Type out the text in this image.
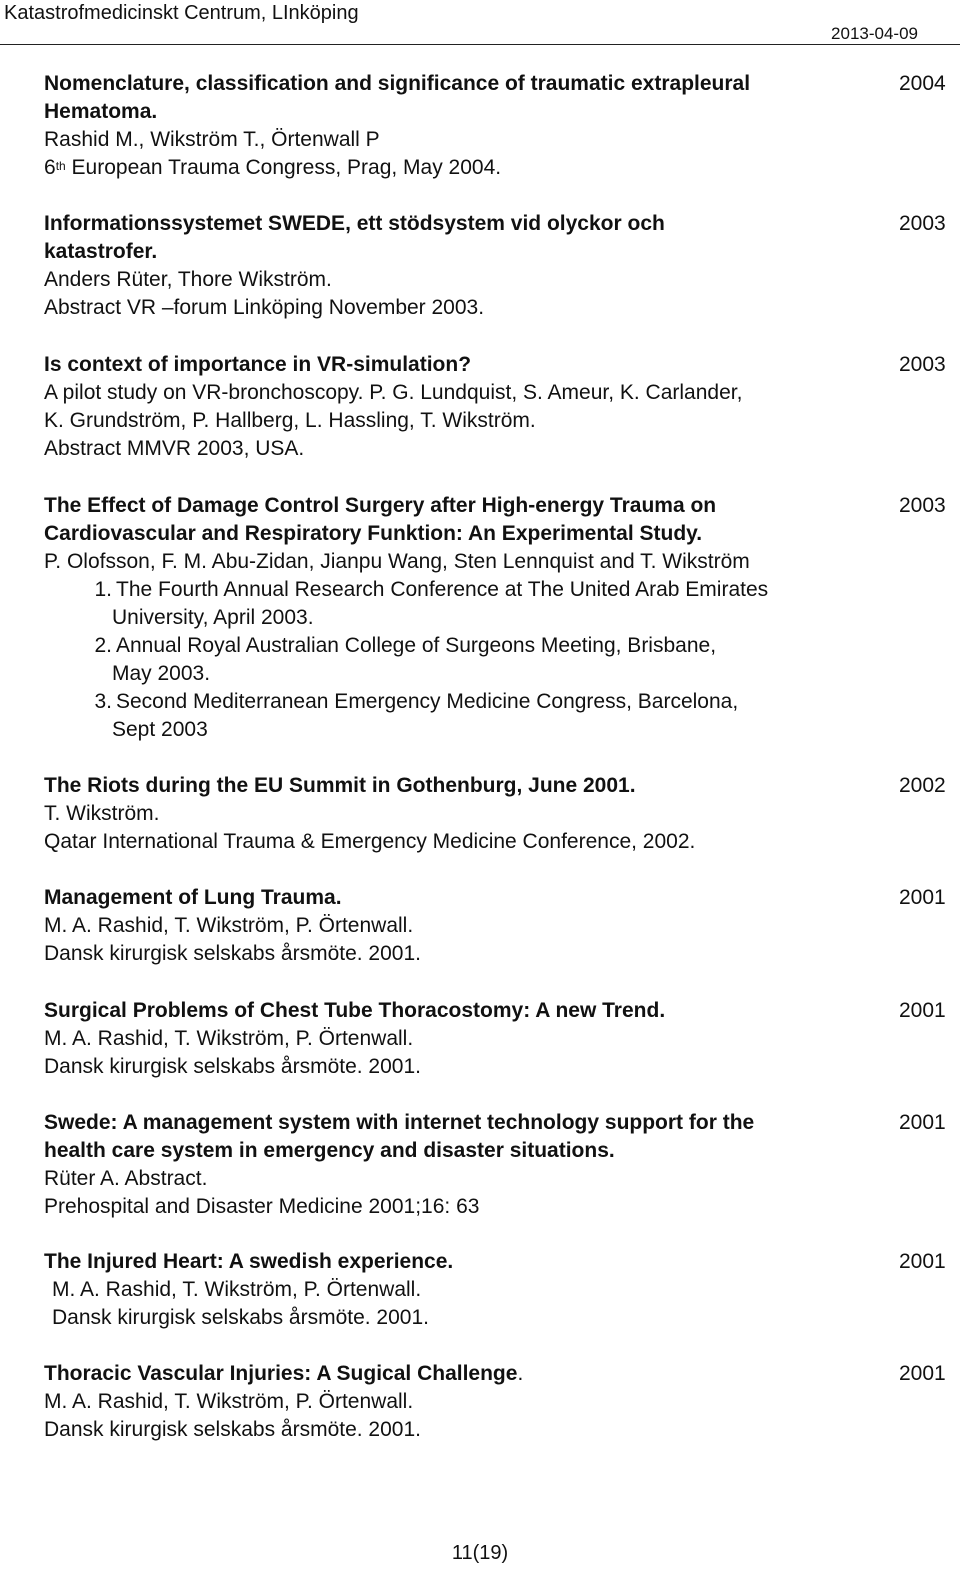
Katastrofmedicinskt Centrum, LInköping
2013-04-09
Nomenclature, classification and significance of traumatic extrapleural	2004
Hematoma.
Rashid M., Wikström T., Örtenwall P
6th European Trauma Congress, Prag, May 2004.
Informationssystemet SWEDE, ett stödsystem vid olyckor och	2003
katastrofer.
Anders Rüter, Thore Wikström.
Abstract VR –forum Linköping November 2003.
Is context of importance in VR-simulation?	2003
A pilot study on VR-bronchoscopy. P. G. Lundquist, S. Ameur, K. Carlander,
K. Grundström, P. Hallberg, L. Hassling, T. Wikström.
Abstract MMVR 2003, USA.
The Effect of Damage Control Surgery after High-energy Trauma on	2003
Cardiovascular and Respiratory Funktion: An Experimental Study.
P. Olofsson, F. M. Abu-Zidan, Jianpu Wang, Sten Lennquist and T. Wikström
1. The Fourth Annual Research Conference at The United Arab Emirates
University, April 2003.
2. Annual Royal Australian College of Surgeons Meeting, Brisbane,
May 2003.
3. Second Mediterranean Emergency Medicine Congress, Barcelona,
Sept 2003
The Riots during the EU Summit in Gothenburg, June 2001.	2002
T. Wikström.
Qatar International Trauma & Emergency Medicine Conference, 2002.
Management of Lung Trauma.	2001
M. A. Rashid, T. Wikström, P. Örtenwall.
Dansk kirurgisk selskabs årsmöte. 2001.
Surgical Problems of Chest Tube Thoracostomy: A new Trend.	2001
M. A. Rashid, T. Wikström, P. Örtenwall.
Dansk kirurgisk selskabs årsmöte. 2001.
Swede: A management system with internet technology support for the	2001
health care system in emergency and disaster situations.
Rüter A. Abstract.
Prehospital and Disaster Medicine 2001;16: 63
The Injured Heart: A swedish experience.	2001
M. A. Rashid, T. Wikström, P. Örtenwall.
Dansk kirurgisk selskabs årsmöte. 2001.
Thoracic Vascular Injuries: A Sugical Challenge.	2001
M. A. Rashid, T. Wikström, P. Örtenwall.
Dansk kirurgisk selskabs årsmöte. 2001.
11(19)
